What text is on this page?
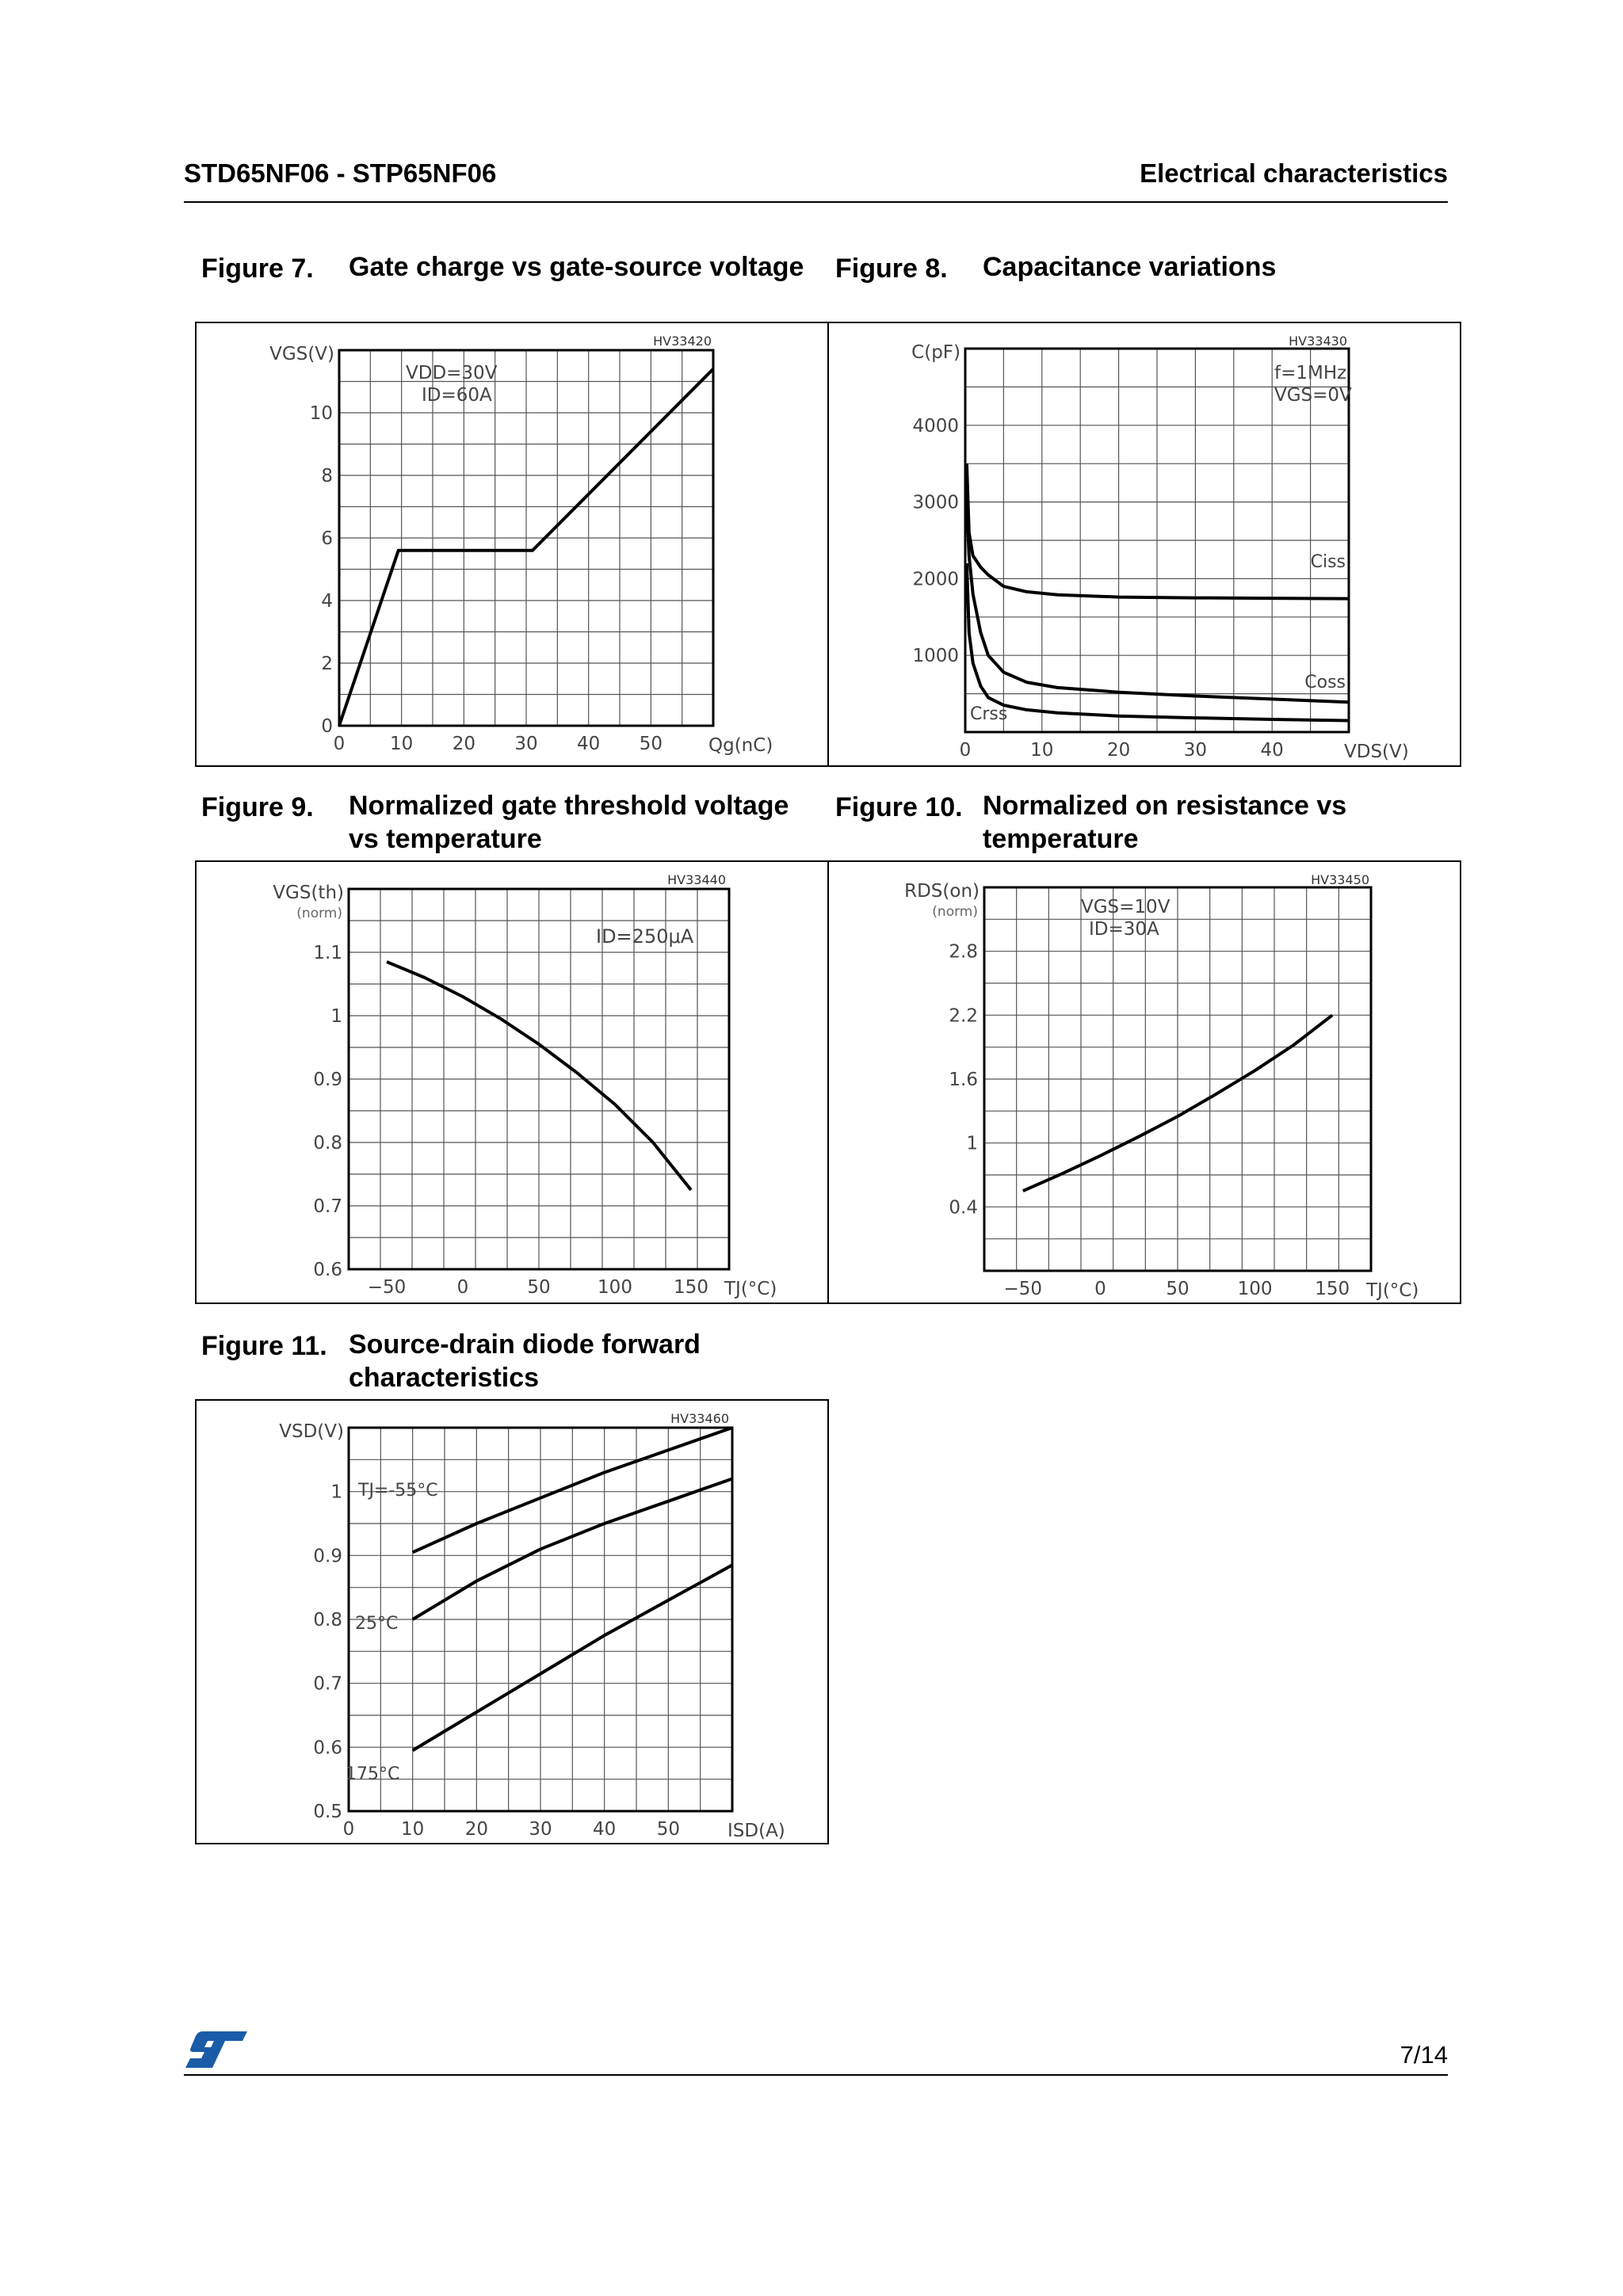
STD65NF06 - STP65NF06	Electrical characteristics
Figure 7. Gate charge vs gate-source voltage Figure 8. Capacitance variations
HV33420
0
2
4
6
8
10
0 10 20 30 40 50
VGS(V)
Qg(nC)
VDD=30V
ID=60A
HV33430
1000
2000
3000
4000
0	10	20	30	40
C(pF)
VDS(V)
f=1MHz
VGS=0V
Ciss
Coss
Crss
Figure 9. Normalized gate threshold voltage
vs temperature
Figure 10. Normalized on resistance vs
temperature
HV33440
0.6
0.7
0.8
0.9
1
1.1
−50	0	50	100 150
VGS(th)
(norm)
TJ(°C)
ID=250μA
HV33450
0.4
1
1.6
2.2
2.8
−50	0	50	100 150
RDS(on)
(norm)
TJ(°C)
VGS=10V
ID=30A
Figure 11. Source-drain diode forward
characteristics
HV33460
0.5
0.6
0.7
0.8
0.9
1
0	10 20 30 40 50
VSD(V)
ISD(A)
TJ=-55°C
25°C
175°C
7/14
